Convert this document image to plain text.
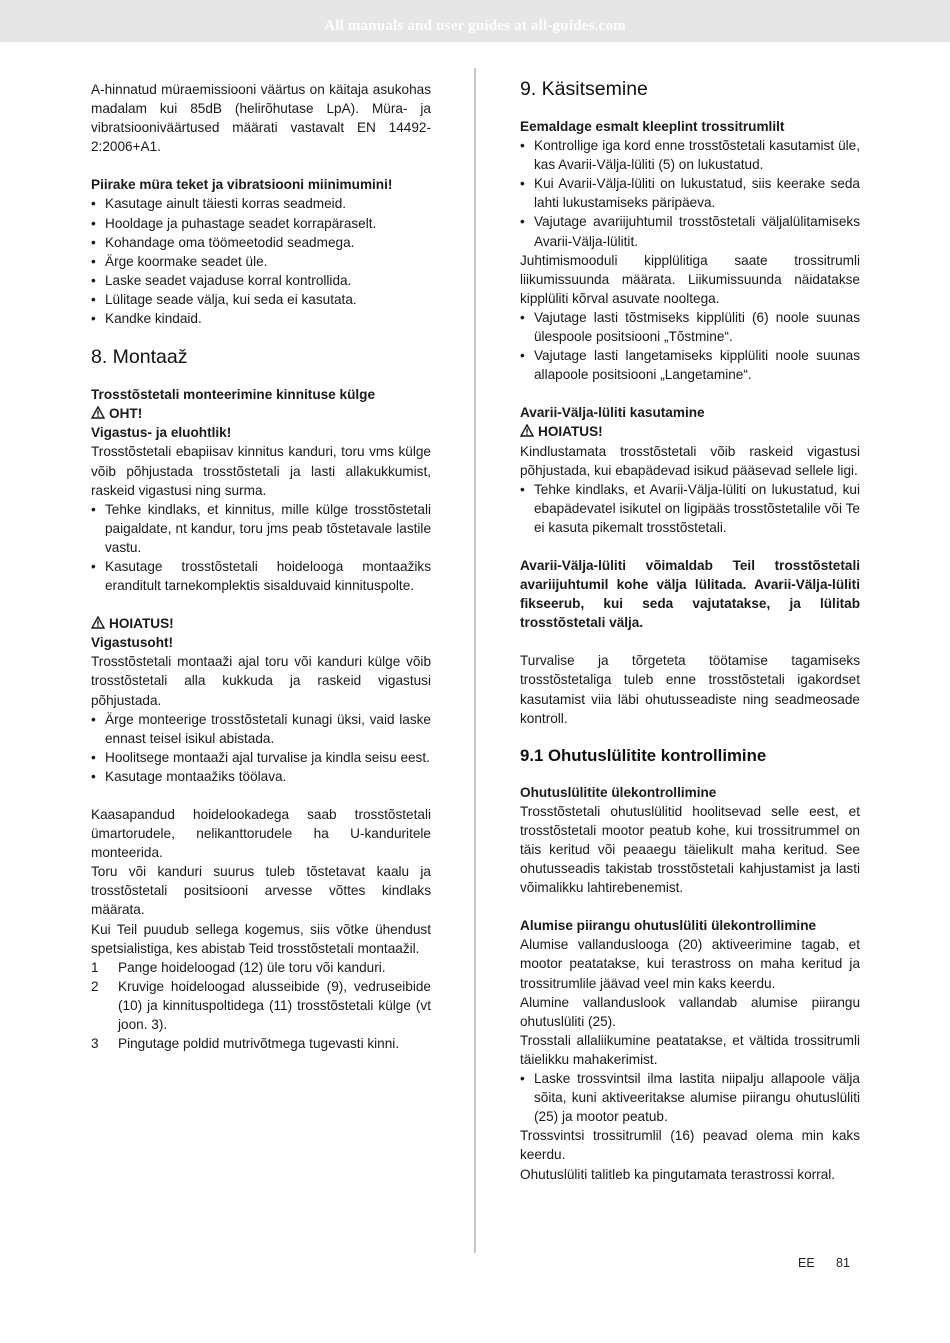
All manuals and user guides at all-guides.com

A-hinnatud müraemissiooni väärtus on käitaja asukohas madalam kui 85dB (helirõhutase LpA). Müra- ja vibratsiooniväärtused määrati vastavalt EN 14492-2:2006+A1.

Piirake müra teket ja vibratsiooni miinimumini!

• Kasutage ainult täiesti korras seadmeid.
• Hooldage ja puhastage seadet korrapäraselt.
• Kohandage oma töömeetodid seadmega.
• Ärge koormake seadet üle.
• Laske seadet vajaduse korral kontrollida.
• Lülitage seade välja, kui seda ei kasutata.
• Kandke kindaid.
8. Montaaž

Trosstõstetali monteerimine kinnituse külge

OHT!

Vigastus- ja eluohtlik!

Trosstõstetali ebapiisav kinnitus kanduri, toru vms külge võib põhjustada trosstõstetali ja lasti allakukkumist, raskeid vigastusi ning surma.

• Tehke kindlaks, et kinnitus, mille külge trosstõstetali paigaldate, nt kandur, toru jms peab tõstetavale lastile vastu.
• Kasutage trosstõstetali hoidelooga montaažiks eranditult tarnekomplektis sisalduvaid kinnituspolte.

HOIATUS!

Vigastusoht!

Trosstõstetali montaaži ajal toru või kanduri külge võib trosstõstetali alla kukkuda ja raskeid vigastusi põhjustada.

• Ärge monteerige trosstõstetali kunagi üksi, vaid laske ennast teisel isikul abistada.
• Hoolitsege montaaži ajal turvalise ja kindla seisu eest.
• Kasutage montaažiks töölava.

Kaasapandud hoidelookadega saab trosstõstetali ümartorudele, nelikanttorudele ha U-kanduritele monteerida.

Toru või kanduri suurus tuleb tõstetavat kaalu ja trosstõstetali positsiooni arvesse võttes kindlaks määrata.

Kui Teil puudub sellega kogemus, siis võtke ühendust spetsialistiga, kes abistab Teid trosstõstetali montaažil.

1 Pange hoideloogad (12) üle toru või kanduri.
2 Kruvige hoideloogad alusseibide (9), vedruseibide (10) ja kinnituspoltidega (11) trosstõstetali külge (vt joon. 3).
3 Pingutage poldid mutrivõtmega tugevasti kinni.
9. Käsitsemine

Eemaldage esmalt kleeplint trossitrumlilt

• Kontrollige iga kord enne trosstõstetali kasutamist üle, kas Avarii-Välja-lüliti (5) on lukustatud.
• Kui Avarii-Välja-lüliti on lukustatud, siis keerake seda lahti lukustamiseks päripäeva.
• Vajutage avariijuhtumil trosstõstetali väljalülitamiseks Avarii-Välja-lülitit.

Juhtimismooduli kipplülitiga saate trossitrumli liikumissuunda määrata. Liikumissuunda näidatakse kipplüliti kõrval asuvate nooltega.

• Vajutage lasti tõstmiseks kipplüliti (6) noole suunas ülespoole positsiooni „Tõstmine“.
• Vajutage lasti langetamiseks kipplüliti noole suunas allapoole positsiooni „Langetamine“.

Avarii-Välja-lüliti kasutamine

HOIATUS!

Kindlustamata trosstõstetali võib raskeid vigastusi põhjustada, kui ebapädevad isikud pääsevad sellele ligi.

• Tehke kindlaks, et Avarii-Välja-lüliti on lukustatud, kui ebapädevatel isikutel on ligipääs trosstõstetalile või Te ei kasuta pikemalt trosstõstetali.

Avarii-Välja-lüliti võimaldab Teil trosstõstetali avariijuhtumil kohe välja lülitada. Avarii-Välja-lüliti fikseerub, kui seda vajutatakse, ja lülitab trosstõstetali välja.

Turvalise ja tõrgeteta töötamise tagamiseks trosstõstetaliga tuleb enne trosstõstetali igakordset kasutamist viia läbi ohutusseadiste ning seadmeosade kontroll.

9.1 Ohutuslülitite kontrollimine

Ohutuslülitite ülekontrollimine

Trosstõstetali ohutuslülitid hoolitsevad selle eest, et trosstõstetali mootor peatub kohe, kui trossitrummel on täis keritud või peaaegu täielikult maha keritud. See ohutusseadis takistab trosstõstetali kahjustamist ja lasti võimalikku lahtirebenemist.

Alumise piirangu ohutuslüliti ülekontrollimine

Alumise vallanduslooga (20) aktiveerimine tagab, et mootor peatatakse, kui terastross on maha keritud ja trossitrumlile jäävad veel min kaks keerdu.

Alumine vallanduslook vallandab alumise piirangu ohutuslüliti (25).

Trosstali allaliikumine peatatakse, et vältida trossitrumli täielikku mahakerimist.

• Laske trossvintsil ilma lastita niipalju allapoole välja sõita, kuni aktiveeritakse alumise piirangu ohutuslüliti (25) ja mootor peatub.

Trossvintsi trossitrumlil (16) peavad olema min kaks keerdu.

Ohutuslüliti talitleb ka pingutamata terastrossi korral.

EE 81
